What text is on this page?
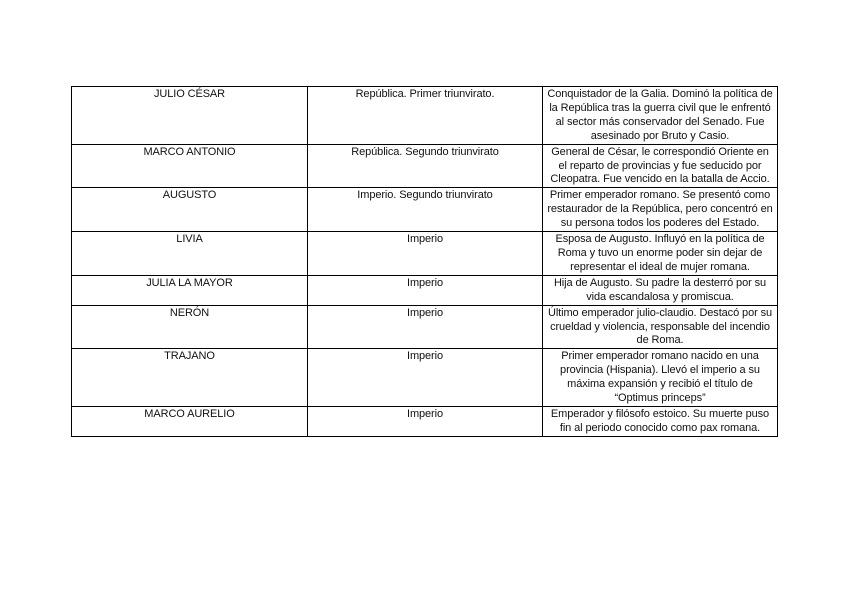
JULIO CÉSAR	República. Primer triunvirato.	Conquistador de la Galia. Dominó la política de la República tras la guerra civil que le enfrentó al sector más conservador del Senado. Fue asesinado por Bruto y Casio.
MARCO ANTONIO	República. Segundo triunvirato	General de César, le correspondió Oriente en el reparto de provincias y fue seducido por Cleopatra. Fue vencido en la batalla de Accio.
AUGUSTO	Imperio. Segundo triunvirato	Primer emperador romano. Se presentó como restaurador de la República, pero concentró en su persona todos los poderes del Estado.
LIVIA	Imperio	Esposa de Augusto. Influyó en la política de Roma y tuvo un enorme poder sin dejar de representar el ideal de mujer romana.
JULIA LA MAYOR	Imperio	Hija de Augusto. Su padre la desterró por su vida escandalosa y promiscua.
NERÓN	Imperio	Último emperador julio-claudio. Destacó por su crueldad y violencia, responsable del incendio de Roma.
TRAJANO	Imperio	Primer emperador romano nacido en una provincia (Hispania). Llevó el imperio a su máxima expansión y recibió el título de “Optimus princeps”
MARCO AURELIO	Imperio	Emperador y filósofo estoico. Su muerte puso fin al periodo conocido como pax romana.
